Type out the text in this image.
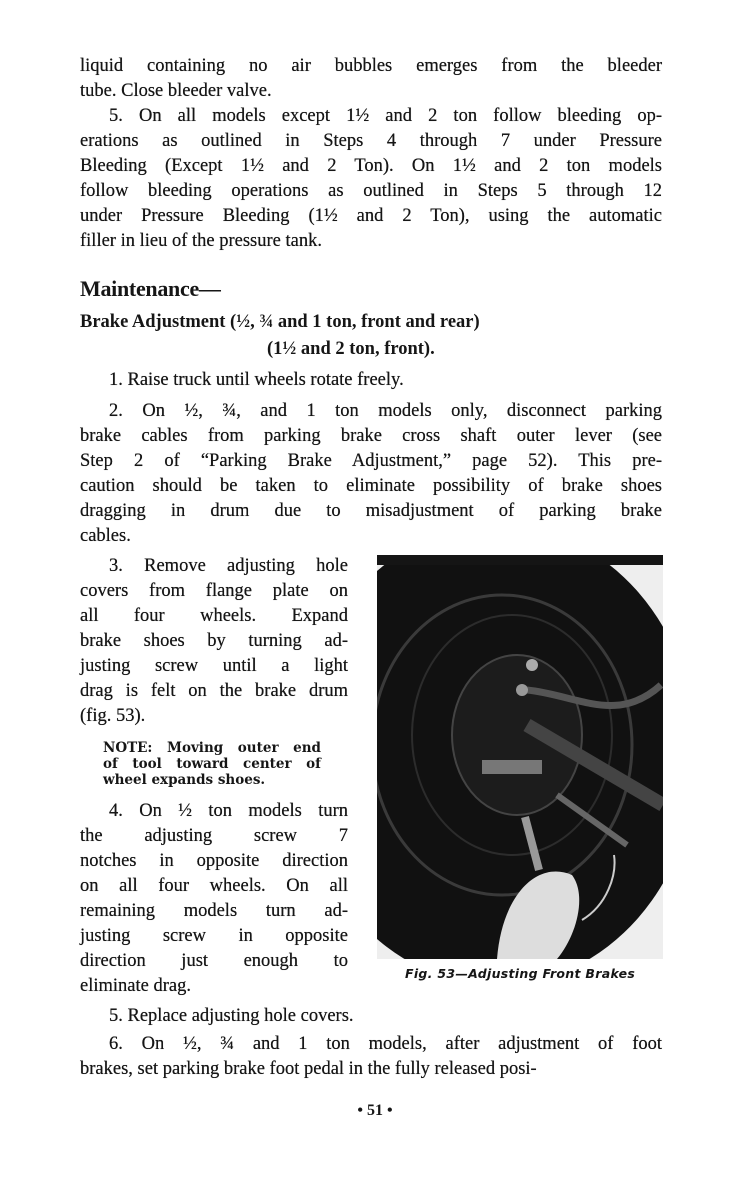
liquid containing no air bubbles emerges from the bleeder
tube. Close bleeder valve.
5. On all models except 1½ and 2 ton follow bleeding op-
erations as outlined in Steps 4 through 7 under Pressure
Bleeding (Except 1½ and 2 Ton). On 1½ and 2 ton models
follow bleeding operations as outlined in Steps 5 through 12
under Pressure Bleeding (1½ and 2 Ton), using the automatic
filler in lieu of the pressure tank.
Maintenance—
Brake Adjustment (½, ¾ and 1 ton, front and rear)
(1½ and 2 ton, front).
1. Raise truck until wheels rotate freely.
2. On ½, ¾, and 1 ton models only, disconnect parking
brake cables from parking brake cross shaft outer lever (see
Step 2 of “Parking Brake Adjustment,” page 52). This pre-
caution should be taken to eliminate possibility of brake shoes
dragging in drum due to misadjustment of parking brake
cables.
3. Remove adjusting hole
covers from flange plate on
all four wheels. Expand
brake shoes by turning ad-
justing screw until a light
drag is felt on the brake drum
(fig. 53).
NOTE: Moving outer end
of tool toward center of
wheel expands shoes.
4. On ½ ton models turn
the adjusting screw 7
notches in opposite direction
on all four wheels. On all
remaining models turn ad-
justing screw in opposite
direction just enough to
eliminate drag.
Fig. 53—Adjusting Front Brakes
5. Replace adjusting hole covers.
6. On ½, ¾ and 1 ton models, after adjustment of foot
brakes, set parking brake foot pedal in the fully released posi-
• 51 •
